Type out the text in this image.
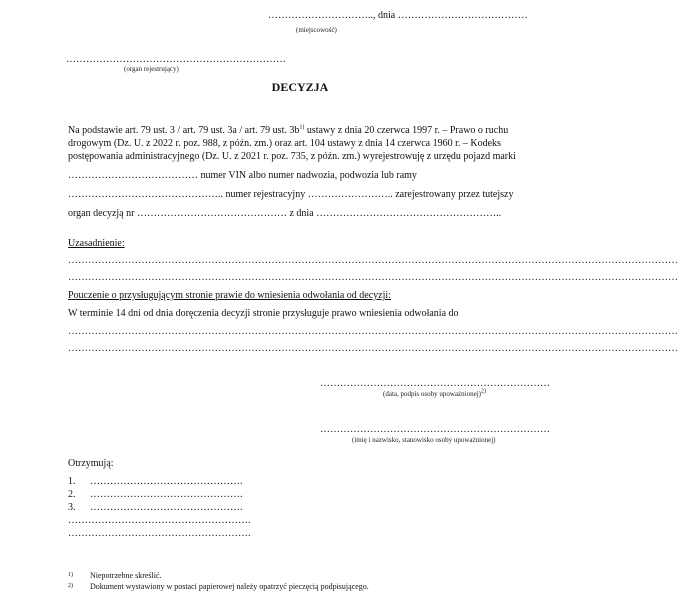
………………………….., dnia …………………………………
(miejscowość)
…………………………………………………………
(organ rejestrujący)
DECYZJA
Na podstawie art. 79 ust. 3 / art. 79 ust. 3a / art. 79 ust. $3b^{1)}$ ustawy z dnia 20 czerwca 1997 r. – Prawo o ruchu
drogowym (Dz. U. z 2022 r. poz. 988, z późn. zm.) oraz art. 104 ustawy z dnia 14 czerwca 1960 r. – Kodeks
postępowania administracyjnego (Dz. U. z 2021 r. poz. 735, z późn. zm.) wyrejestrowuję z urzędu pojazd marki
………………………………… numer VIN albo numer nadwozia, podwozia lub ramy
……………………………………….. numer rejestracyjny …………………….. zarejestrowany przez tutejszy
organ decyzją nr ……………………………………… z dnia ………………………………………………..
Uzasadnienie:
…………………………………………………………………………………………………………………………………………………………………
…………………………………………………………………………………………………………………………………………………………………
Pouczenie o przysługującym stronie prawie do wniesienia odwołania od decyzji:
W terminie 14 dni od dnia doręczenia decyzji stronie przysługuje prawo wniesienia odwołania do
…………………………………………………………………………………………………………………………………………………………………
…………………………………………………………………………………………………………………………………………………………………
……………………………………………………………
(data, podpis osoby upoważnionej)$^{2)}$
……………………………………………………………
(imię i nazwisko, stanowisko osoby upoważnionej)
Otrzymują:
1. ……………………………………….
2. ……………………………………….
3. ……………………………………….
……………………………………………….
……………………………………………….
1) Niepotrzebne skreślić.
2) Dokument wystawiony w postaci papierowej należy opatrzyć pieczęcią podpisującego.
